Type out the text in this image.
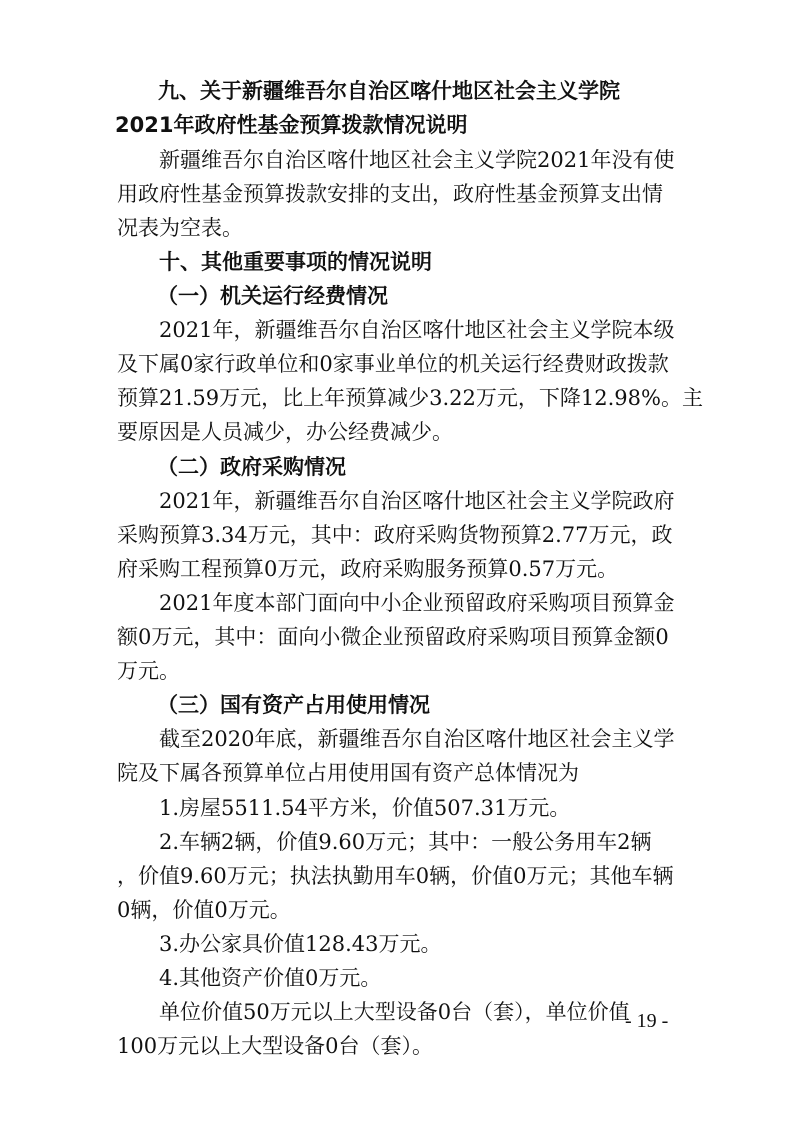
九、关于新疆维吾尔自治区喀什地区社会主义学院
2021年政府性基金预算拨款情况说明
新疆维吾尔自治区喀什地区社会主义学院2021年没有使
用政府性基金预算拨款安排的支出，政府性基金预算支出情
况表为空表。
十、其他重要事项的情况说明
（一）机关运行经费情况
2021年，新疆维吾尔自治区喀什地区社会主义学院本级
及下属0家行政单位和0家事业单位的机关运行经费财政拨款
预算21.59万元，比上年预算减少3.22万元，下降12.98%。主
要原因是人员减少，办公经费减少。
（二）政府采购情况
2021年，新疆维吾尔自治区喀什地区社会主义学院政府
采购预算3.34万元，其中：政府采购货物预算2.77万元，政
府采购工程预算0万元，政府采购服务预算0.57万元。
2021年度本部门面向中小企业预留政府采购项目预算金
额0万元，其中：面向小微企业预留政府采购项目预算金额0
万元。
（三）国有资产占用使用情况
截至2020年底，新疆维吾尔自治区喀什地区社会主义学
院及下属各预算单位占用使用国有资产总体情况为
1.房屋5511.54平方米，价值507.31万元。
2.车辆2辆，价值9.60万元；其中：一般公务用车2辆
，价值9.60万元；执法执勤用车0辆，价值0万元；其他车辆
0辆，价值0万元。
3.办公家具价值128.43万元。
4.其他资产价值0万元。
单位价值50万元以上大型设备0台（套），单位价值
100万元以上大型设备0台（套）。
- 19 -
